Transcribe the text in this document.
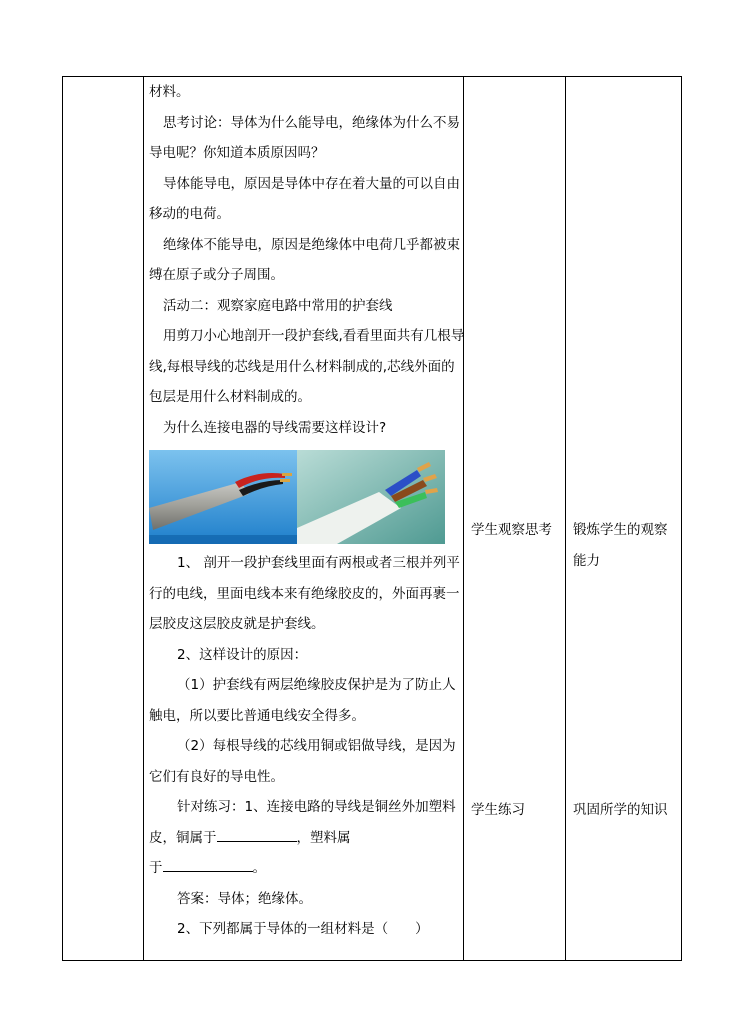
材料。

思考讨论：导体为什么能导电，绝缘体为什么不易导电呢？你知道本质原因吗？

导体能导电，原因是导体中存在着大量的可以自由移动的电荷。

绝缘体不能导电，原因是绝缘体中电荷几乎都被束缚在原子或分子周围。

活动二：观察家庭电路中常用的护套线

用剪刀小心地剖开一段护套线,看看里面共有几根导线,每根导线的芯线是用什么材料制成的,芯线外面的包层是用什么材料制成的。

为什么连接电器的导线需要这样设计?

1、 剖开一段护套线里面有两根或者三根并列平行的电线，里面电线本来有绝缘胶皮的，外面再裹一层胶皮这层胶皮就是护套线。

2、这样设计的原因：

（1）护套线有两层绝缘胶皮保护是为了防止人触电，所以要比普通电线安全得多。

（2）每根导线的芯线用铜或铝做导线，是因为它们有良好的导电性。

针对练习：1、连接电路的导线是铜丝外加塑料皮，铜属于	，塑料属

于	。

答案：导体；绝缘体。

2、下列都属于导体的一组材料是（　　）

学生观察思考
学生练习
锻炼学生的观察能力
巩固所学的知识
